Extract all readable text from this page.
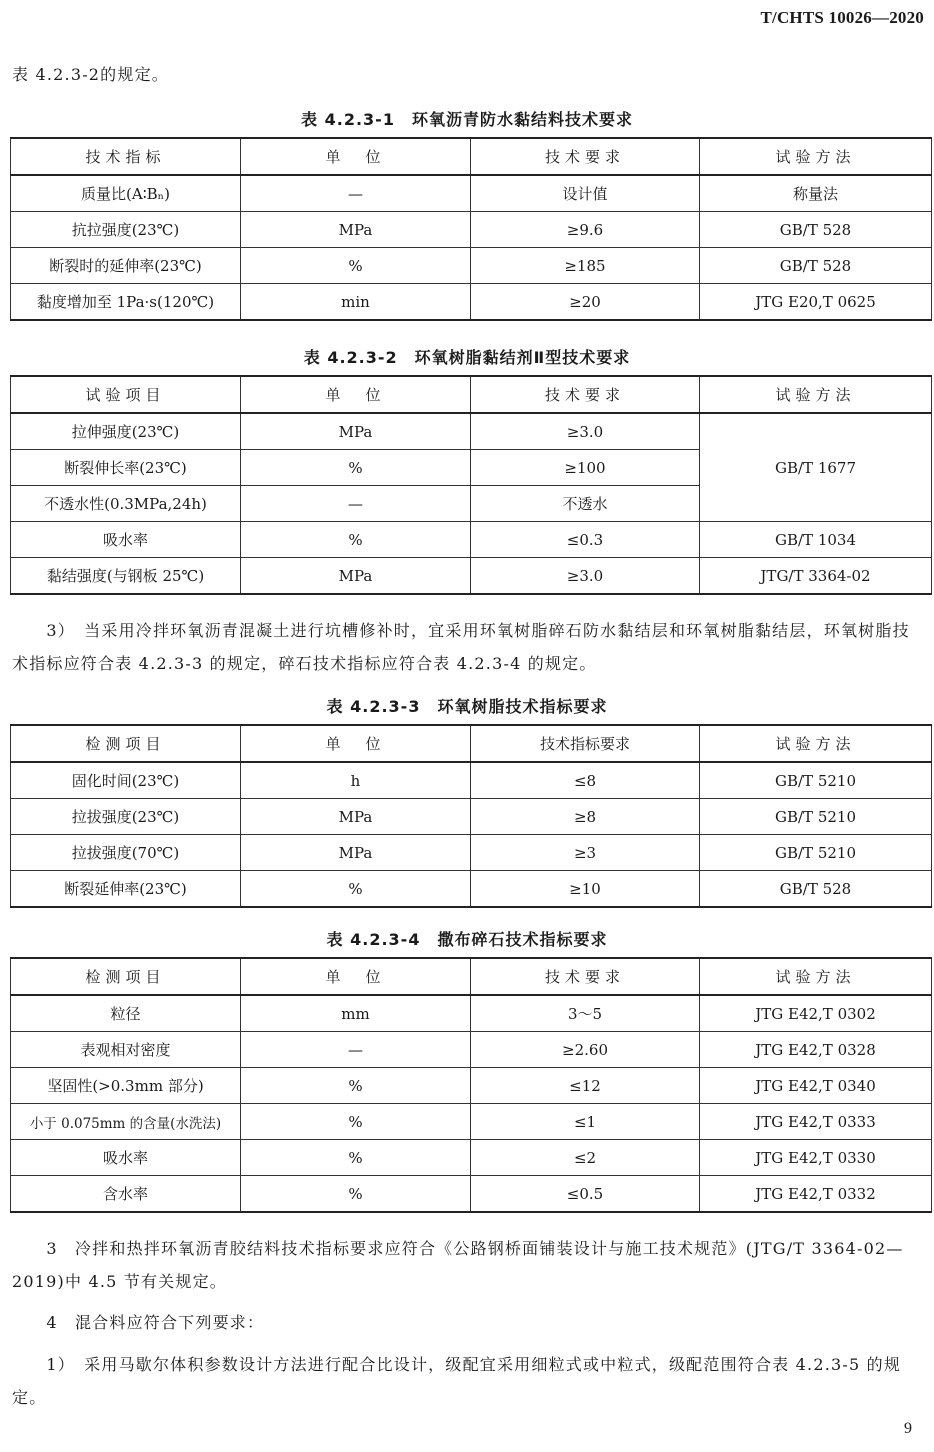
T/CHTS 10026—2020
表 4.2.3-2的规定。
表 4.2.3-1　环氧沥青防水黏结料技术要求
技术指标	单　位	技术要求	试验方法
质量比(A∶Bₙ)	—	设计值	称量法
抗拉强度(23℃)	MPa	≥9.6	GB/T 528
断裂时的延伸率(23℃)	%	≥185	GB/T 528
黏度增加至 1Pa·s(120℃)	min	≥20	JTG E20,T 0625
表 4.2.3-2　环氧树脂黏结剂Ⅱ型技术要求
试验项目	单　位	技术要求	试验方法
拉伸强度(23℃)	MPa	≥3.0	GB/T 1677
断裂伸长率(23℃)	%	≥100	
不透水性(0.3MPa,24h)	—	不透水	
吸水率	%	≤0.3	GB/T 1034
黏结强度(与钢板 25℃)	MPa	≥3.0	JTG/T 3364-02
　　3）　当采用冷拌环氧沥青混凝土进行坑槽修补时，宜采用环氧树脂碎石防水黏结层和环氧树脂黏结层，环氧树脂技术指标应符合表 4.2.3-3 的规定，碎石技术指标应符合表 4.2.3-4 的规定。
表 4.2.3-3　环氧树脂技术指标要求
检测项目	单　位	技术指标要求	试验方法
固化时间(23℃)	h	≤8	GB/T 5210
拉拔强度(23℃)	MPa	≥8	GB/T 5210
拉拔强度(70℃)	MPa	≥3	GB/T 5210
断裂延伸率(23℃)	%	≥10	GB/T 528
表 4.2.3-4　撒布碎石技术指标要求
检测项目	单　位	技术要求	试验方法
粒径	mm	3～5	JTG E42,T 0302
表观相对密度	—	≥2.60	JTG E42,T 0328
坚固性(>0.3mm 部分)	%	≤12	JTG E42,T 0340
小于 0.075mm 的含量(水洗法)	%	≤1	JTG E42,T 0333
吸水率	%	≤2	JTG E42,T 0330
含水率	%	≤0.5	JTG E42,T 0332
　　3　冷拌和热拌环氧沥青胶结料技术指标要求应符合《公路钢桥面铺装设计与施工技术规范》(JTG/T 3364-02—2019)中 4.5 节有关规定。
　　4　混合料应符合下列要求：
　　1）　采用马歇尔体积参数设计方法进行配合比设计，级配宜采用细粒式或中粒式，级配范围符合表 4.2.3-5 的规定。
9
